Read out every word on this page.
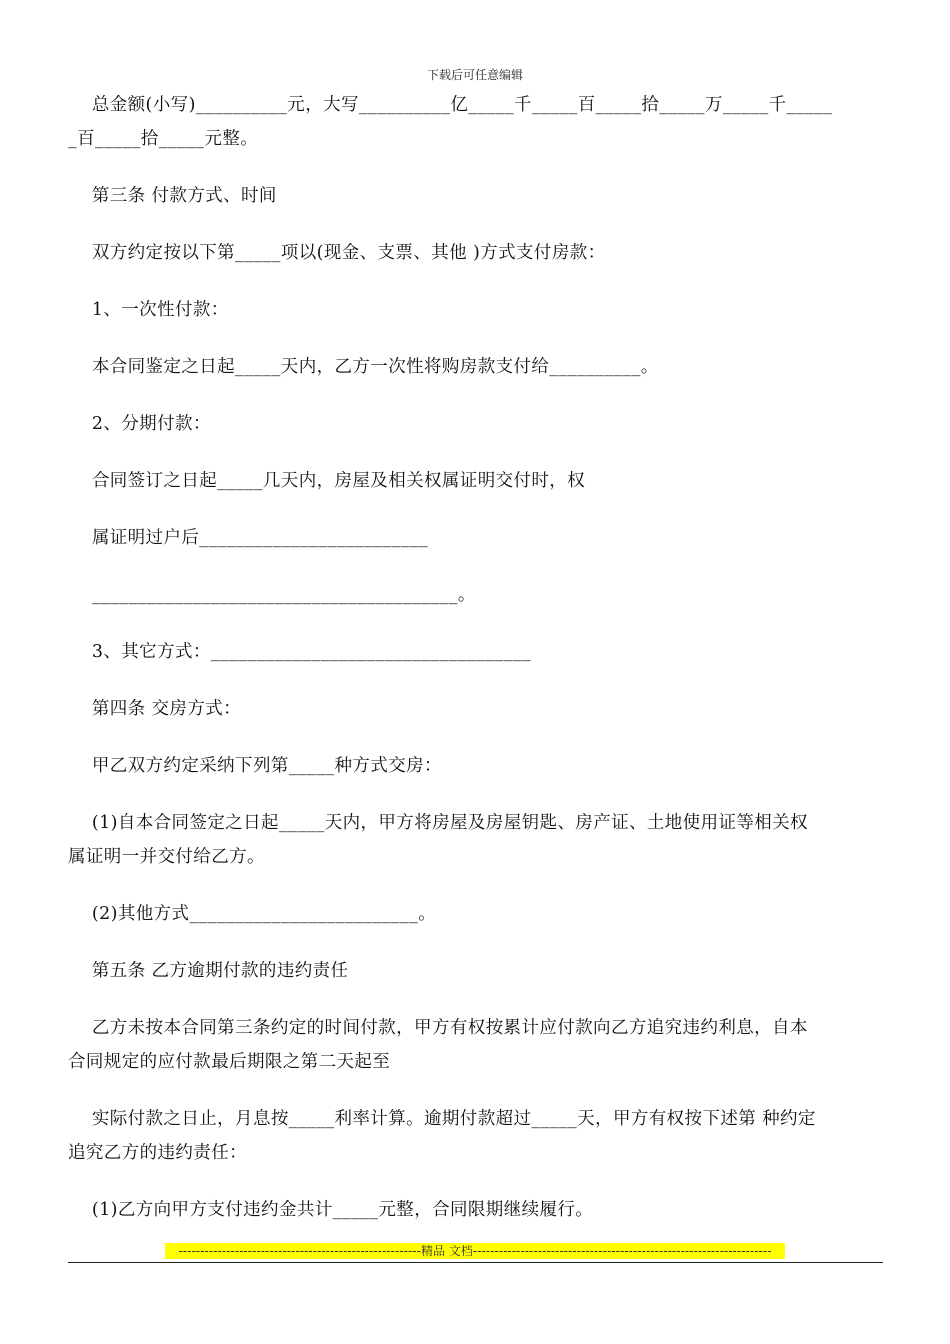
下载后可任意编辑

总金额(小写)__________元，大写__________亿_____千_____百_____拾_____万_____千_____
_百_____拾_____元整。

第三条 付款方式、时间

双方约定按以下第_____项以(现金、支票、其他 )方式支付房款：

1、一次性付款：

本合同鉴定之日起_____天内，乙方一次性将购房款支付给__________。

2、分期付款：

合同签订之日起_____几天内，房屋及相关权属证明交付时，权

属证明过户后_________________________

________________________________________。

3、其它方式：___________________________________

第四条 交房方式：

甲乙双方约定采纳下列第_____种方式交房：

(1)自本合同签定之日起_____天内，甲方将房屋及房屋钥匙、房产证、土地使用证等相关权
属证明一并交付给乙方。

(2)其他方式_________________________。

第五条 乙方逾期付款的违约责任

乙方未按本合同第三条约定的时间付款，甲方有权按累计应付款向乙方追究违约利息，自本
合同规定的应付款最后期限之第二天起至

实际付款之日止，月息按_____利率计算。逾期付款超过_____天，甲方有权按下述第 种约定
追究乙方的违约责任：

(1)乙方向甲方支付违约金共计_____元整，合同限期继续履行。

--------------------------------------------------------精品 文档---------------------------------------------------------------------
